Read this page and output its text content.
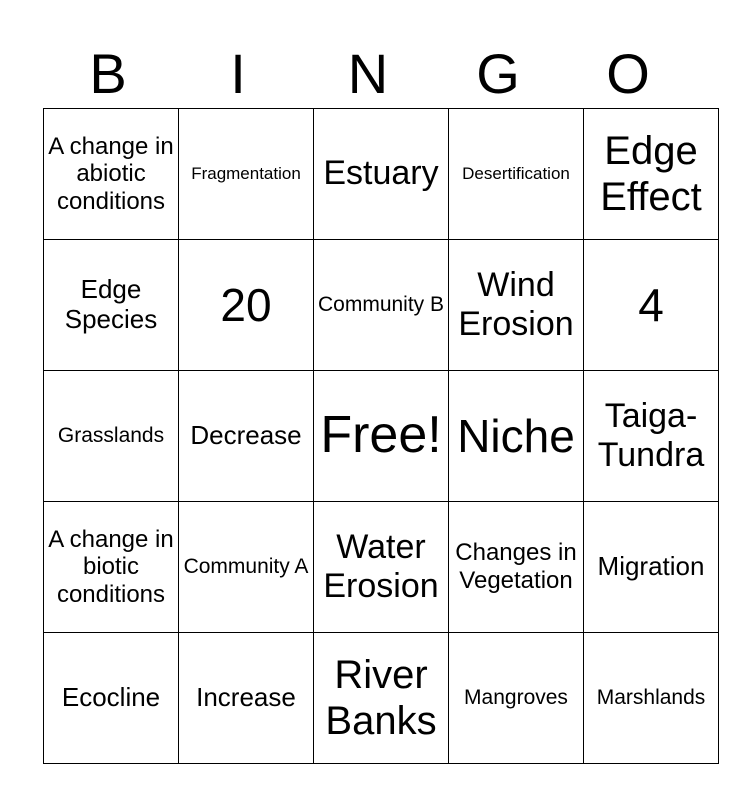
B	I	N	G	O
A change in abiotic conditions	Fragmentation	Estuary	Desertification	Edge Effect
Edge Species	20	Community B	Wind Erosion	4
Grasslands	Decrease	Free!	Niche	Taiga-Tundra
A change in biotic conditions	Community A	Water Erosion	Changes in Vegetation	Migration
Ecocline	Increase	River Banks	Mangroves	Marshlands
